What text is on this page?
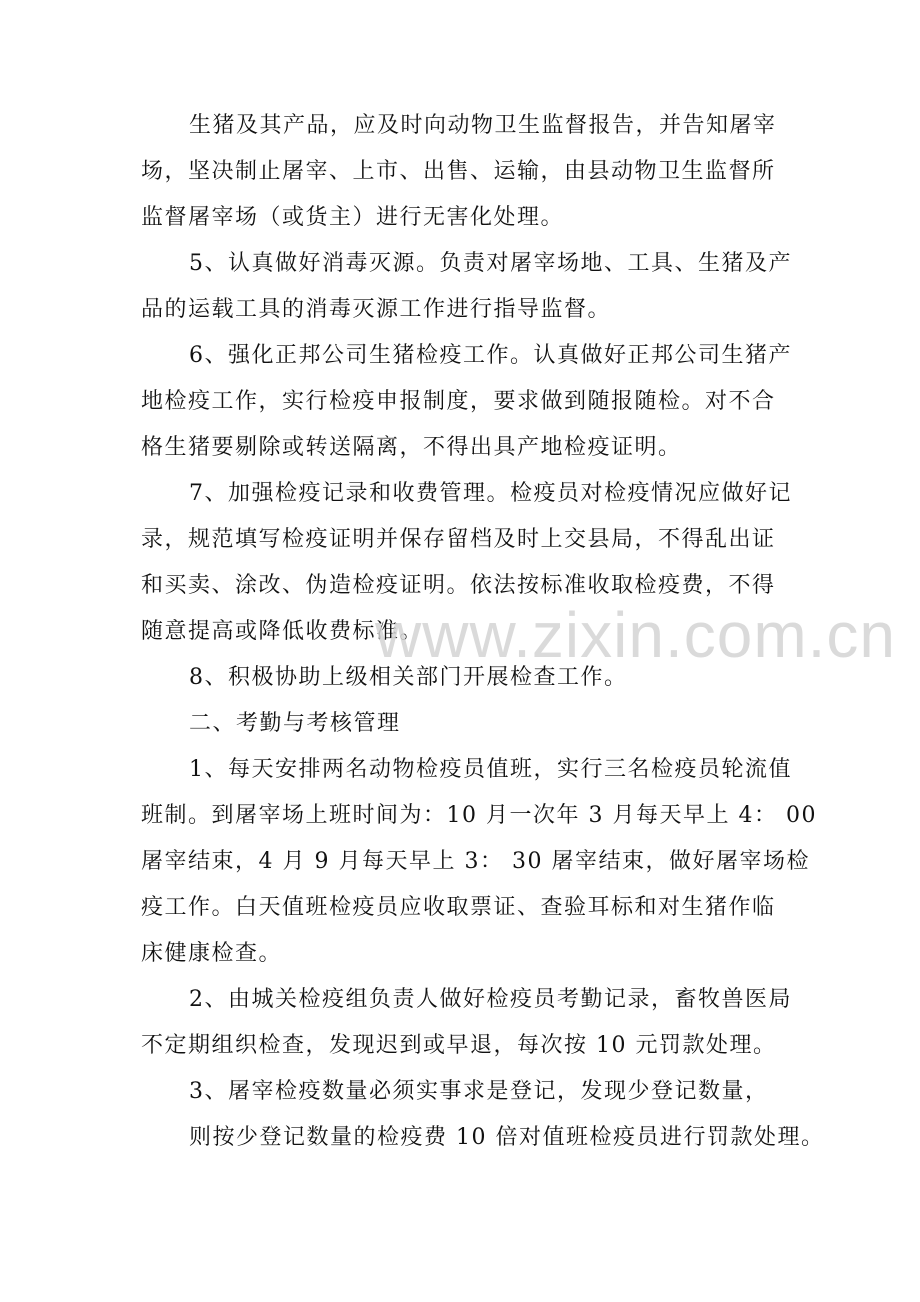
生猪及其产品，应及时向动物卫生监督报告，并告知屠宰
场，坚决制止屠宰、上市、出售、运输，由县动物卫生监督所
监督屠宰场（或货主）进行无害化处理。
5、认真做好消毒灭源。负责对屠宰场地、工具、生猪及产
品的运载工具的消毒灭源工作进行指导监督。
6、强化正邦公司生猪检疫工作。认真做好正邦公司生猪产
地检疫工作，实行检疫申报制度，要求做到随报随检。对不合
格生猪要剔除或转送隔离，不得出具产地检疫证明。
7、加强检疫记录和收费管理。检疫员对检疫情况应做好记
录，规范填写检疫证明并保存留档及时上交县局，不得乱出证
和买卖、涂改、伪造检疫证明。依法按标准收取检疫费，不得
随意提高或降低收费标准。
8、积极协助上级相关部门开展检查工作。
二、考勤与考核管理
1、每天安排两名动物检疫员值班，实行三名检疫员轮流值
班制。到屠宰场上班时间为：10 月一次年 3 月每天早上 4： 00
屠宰结束，4 月 9 月每天早上 3： 30 屠宰结束，做好屠宰场检
疫工作。白天值班检疫员应收取票证、查验耳标和对生猪作临
床健康检查。
2、由城关检疫组负责人做好检疫员考勤记录，畜牧兽医局
不定期组织检查，发现迟到或早退，每次按 10 元罚款处理。
3、屠宰检疫数量必须实事求是登记，发现少登记数量，
则按少登记数量的检疫费 10 倍对值班检疫员进行罚款处理。
www.zixin.com.cn
